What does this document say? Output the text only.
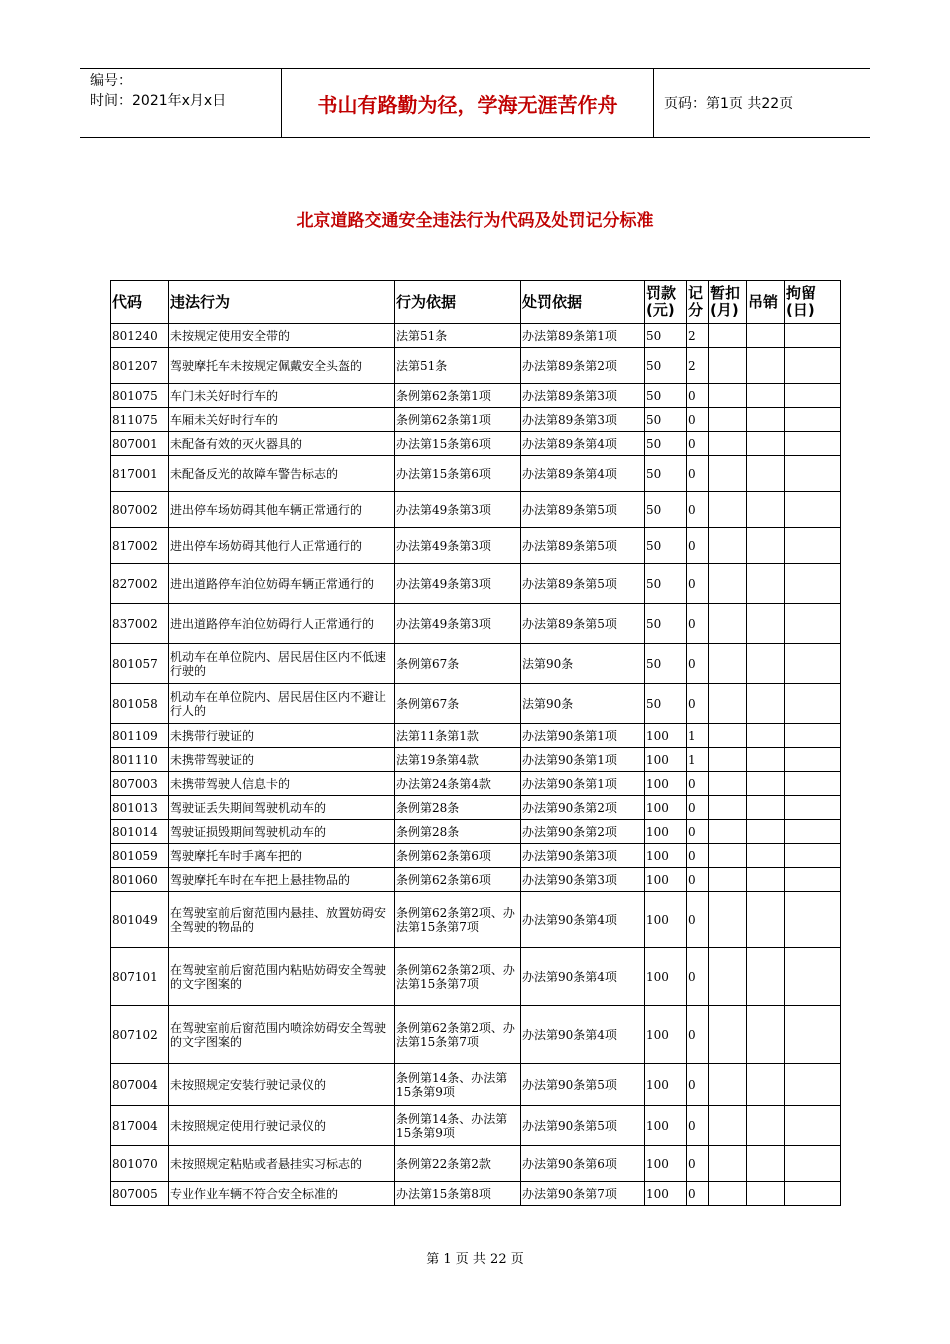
编号：
时间：2021年x月x日	书山有路勤为径，学海无涯苦作舟	页码：第1页 共22页
北京道路交通安全违法行为代码及处罚记分标准
代码	违法行为	行为依据	处罚依据	罚款(元)	记分	暂扣(月)	吊销	拘留(日)
801240	未按规定使用安全带的	法第51条	办法第89条第1项	50	2			
801207	驾驶摩托车未按规定佩戴安全头盔的	法第51条	办法第89条第2项	50	2			
801075	车门未关好时行车的	条例第62条第1项	办法第89条第3项	50	0			
811075	车厢未关好时行车的	条例第62条第1项	办法第89条第3项	50	0			
807001	未配备有效的灭火器具的	办法第15条第6项	办法第89条第4项	50	0			
817001	未配备反光的故障车警告标志的	办法第15条第6项	办法第89条第4项	50	0			
807002	进出停车场妨碍其他车辆正常通行的	办法第49条第3项	办法第89条第5项	50	0			
817002	进出停车场妨碍其他行人正常通行的	办法第49条第3项	办法第89条第5项	50	0			
827002	进出道路停车泊位妨碍车辆正常通行的	办法第49条第3项	办法第89条第5项	50	0			
837002	进出道路停车泊位妨碍行人正常通行的	办法第49条第3项	办法第89条第5项	50	0			
801057	机动车在单位院内、居民居住区内不低速行驶的	条例第67条	法第90条	50	0			
801058	机动车在单位院内、居民居住区内不避让行人的	条例第67条	法第90条	50	0			
801109	未携带行驶证的	法第11条第1款	办法第90条第1项	100	1			
801110	未携带驾驶证的	法第19条第4款	办法第90条第1项	100	1			
807003	未携带驾驶人信息卡的	办法第24条第4款	办法第90条第1项	100	0			
801013	驾驶证丢失期间驾驶机动车的	条例第28条	办法第90条第2项	100	0			
801014	驾驶证损毁期间驾驶机动车的	条例第28条	办法第90条第2项	100	0			
801059	驾驶摩托车时手离车把的	条例第62条第6项	办法第90条第3项	100	0			
801060	驾驶摩托车时在车把上悬挂物品的	条例第62条第6项	办法第90条第3项	100	0			
801049	在驾驶室前后窗范围内悬挂、放置妨碍安全驾驶的物品的	条例第62条第2项、办法第15条第7项	办法第90条第4项	100	0			
807101	在驾驶室前后窗范围内粘贴妨碍安全驾驶的文字图案的	条例第62条第2项、办法第15条第7项	办法第90条第4项	100	0			
807102	在驾驶室前后窗范围内喷涂妨碍安全驾驶的文字图案的	条例第62条第2项、办法第15条第7项	办法第90条第4项	100	0			
807004	未按照规定安装行驶记录仪的	条例第14条、办法第15条第9项	办法第90条第5项	100	0			
817004	未按照规定使用行驶记录仪的	条例第14条、办法第15条第9项	办法第90条第5项	100	0			
801070	未按照规定粘贴或者悬挂实习标志的	条例第22条第2款	办法第90条第6项	100	0			
807005	专业作业车辆不符合安全标准的	办法第15条第8项	办法第90条第7项	100	0			
第 1 页 共 22 页
